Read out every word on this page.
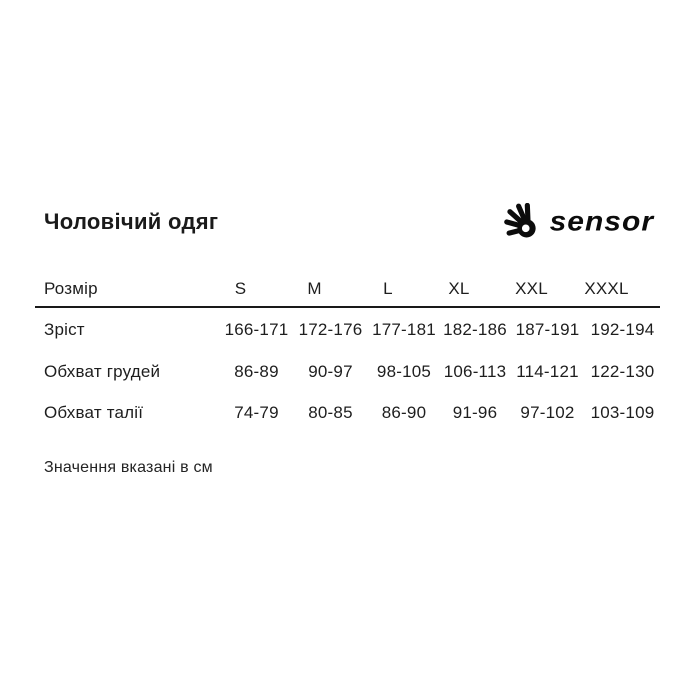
Чоловічий одяг	sensor
Розмір	S	M	L	XL	XXL XXXL
Зріст	166-171 172-176 177-181 182-186 187-191 192-194
Обхват грудей	86-89 90-97 98-105 106-113 114-121 122-130
Обхват талії	74-79 80-85 86-90 91-96 97-102 103-109

Значення вказані в см
